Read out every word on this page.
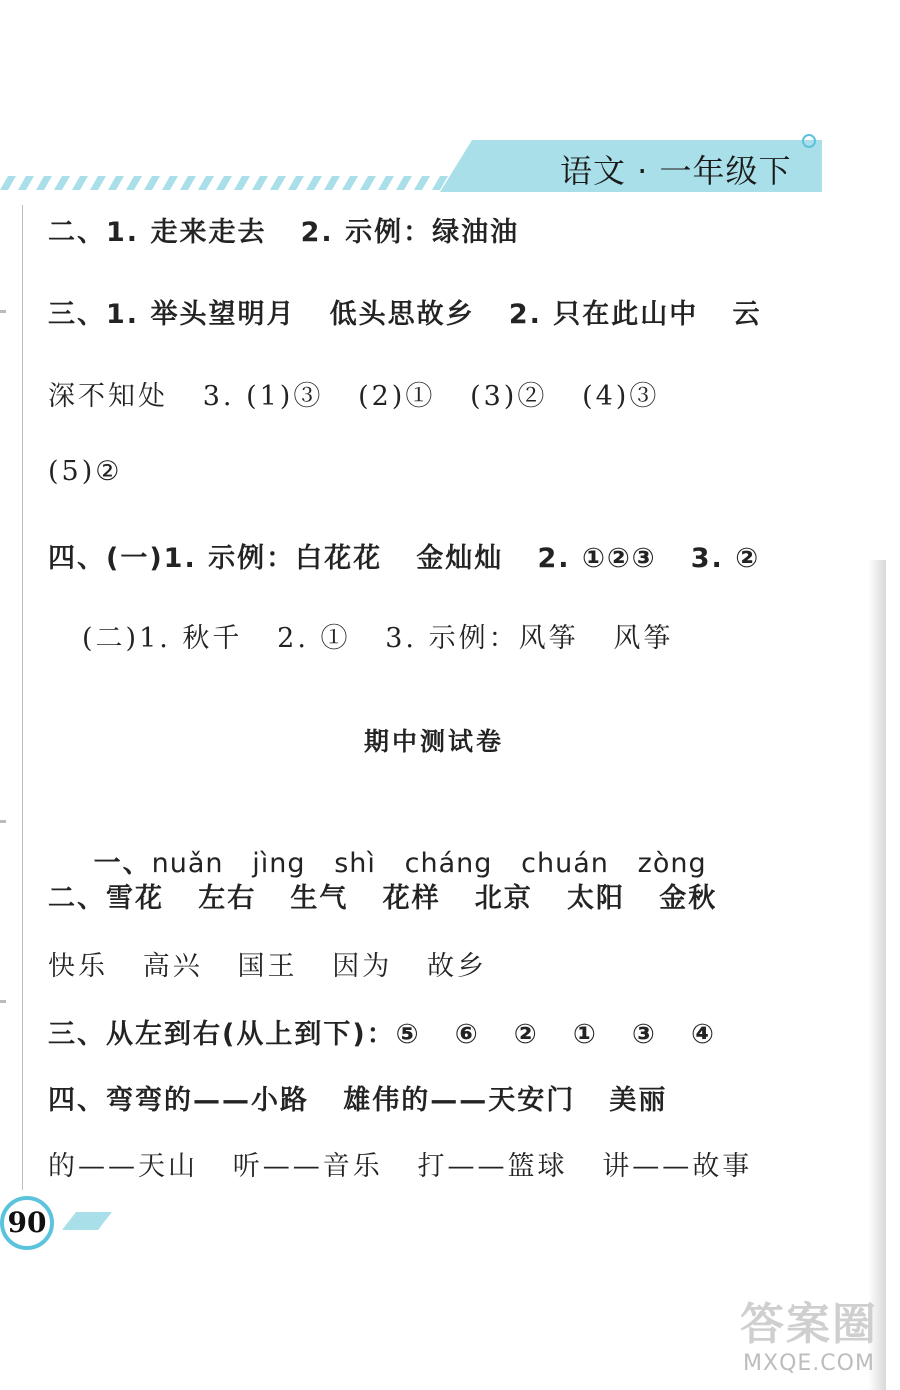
语文 · 一年级下
二、1. 走来走去   2. 示例：绿油油
三、1. 举头望明月   低头思故乡   2. 只在此山中   云
深不知处   3. (1)③   (2)①   (3)②   (4)③
(5)②
四、(一)1. 示例：白花花   金灿灿   2. ①②③   3. ②
(二)1. 秋千   2. ①   3. 示例：风筝   风筝
期中测试卷

一、nuǎn   jìng   shì   cháng   chuán   zòng

二、雪花   左右   生气   花样   北京   太阳   金秋
快乐   高兴   国王   因为   故乡
三、从左到右(从上到下)：⑤   ⑥   ②   ①   ③   ④
四、弯弯的——小路   雄伟的——天安门   美丽
的——天山   听——音乐   打——篮球   讲——故事
90
答案圈
MXQE.COM
